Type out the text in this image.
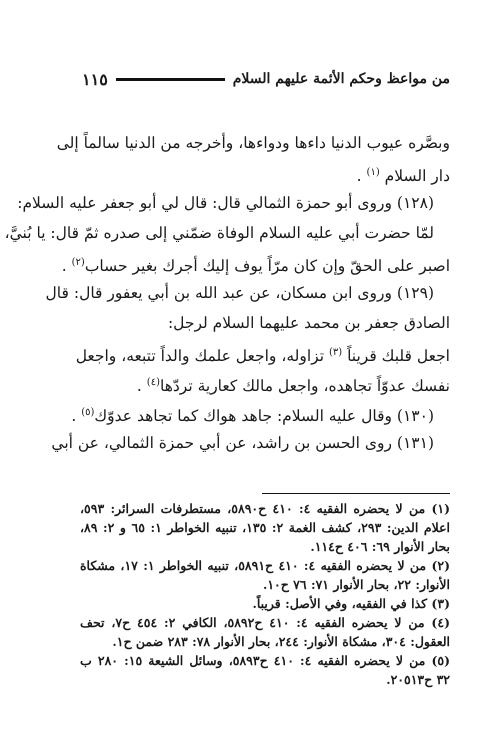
من مواعظ وحكم الأئمة عليهم السلام
١١٥
وبصَّره عيوب الدنيا داءها ودواءها، وأخرجه من الدنيا سالماً إلى
دار السلام $^{(١)}$ .
(١٢٨) وروى أبو حمزة الثمالي قال: قال لي أبو جعفر عليه السلام:
لمّا حضرت أبي عليه السلام الوفاة ضمّني إلى صدره ثمّ قال: يا بُنيَّ،
اصبر على الحقّ وإن كان مرّاً يوف إليك أجرك بغير حساب$^{(٢)}$ .
(١٢٩) وروى ابن مسكان، عن عبد الله بن أبي يعفور قال: قال
الصادق جعفر بن محمد عليهما السلام لرجل:
اجعل قلبك قريناً $^{(٣)}$ تزاوله، واجعل علمك والداً تتبعه، واجعل
نفسك عدوّاً تجاهده، واجعل مالك كعارية تردّها$^{(٤)}$ .
(١٣٠) وقال عليه السلام: جاهد هواك كما تجاهد عدوّك$^{(٥)}$ .
(١٣١) روى الحسن بن راشد، عن أبي حمزة الثمالي، عن أبي
(١) من لا يحضره الفقيه ٤: ٤١٠ ح٥٨٩٠، مستطرفات السرائر: ٥٩٣،
اعلام الدين: ٢٩٣، كشف الغمة ٢: ١٣٥، تنبيه الخواطر ١: ٦٥ و ٢: ٨٩،
بحار الأنوار ٦٩: ٤٠٦ ح١١٤.
(٢) من لا يحضره الفقيه ٤: ٤١٠ ح٥٨٩١، تنبيه الخواطر ١: ١٧، مشكاة
الأنوار: ٢٢، بحار الأنوار ٧١: ٧٦ ح١٠.
(٣) كذا في الفقيه، وفي الأصل: قريباً.
(٤) من لا يحضره الفقيه ٤: ٤١٠ ح٥٨٩٢، الكافي ٢: ٤٥٤ ح٧، تحف
العقول: ٣٠٤، مشكاة الأنوار: ٢٤٤، بحار الأنوار ٧٨: ٢٨٣ ضمن ح١.
(٥) من لا يحضره الفقيه ٤: ٤١٠ ح٥٨٩٣، وسائل الشيعة ١٥: ٢٨٠ ب
٣٢ ح٢٠٥١٣.
